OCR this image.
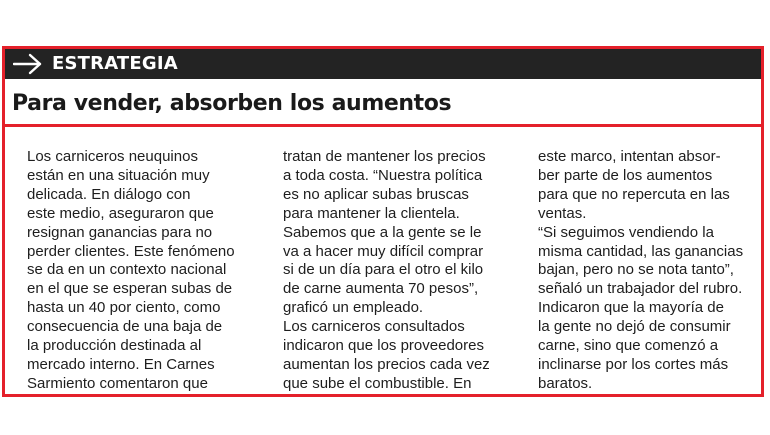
ESTRATEGIA
Para vender, absorben los aumentos
Los carniceros neuquinos
están en una situación muy
delicada. En diálogo con
este medio, aseguraron que
resignan ganancias para no
perder clientes. Este fenómeno
se da en un contexto nacional
en el que se esperan subas de
hasta un 40 por ciento, como
consecuencia de una baja de
la producción destinada al
mercado interno. En Carnes
Sarmiento comentaron que
tratan de mantener los precios
a toda costa. “Nuestra política
es no aplicar subas bruscas
para mantener la clientela.
Sabemos que a la gente se le
va a hacer muy difícil comprar
si de un día para el otro el kilo
de carne aumenta 70 pesos”,
graficó un empleado.
Los carniceros consultados
indicaron que los proveedores
aumentan los precios cada vez
que sube el combustible. En
este marco, intentan absor-
ber parte de los aumentos
para que no repercuta en las
ventas.
“Si seguimos vendiendo la
misma cantidad, las ganancias
bajan, pero no se nota tanto”,
señaló un trabajador del rubro.
Indicaron que la mayoría de
la gente no dejó de consumir
carne, sino que comenzó a
inclinarse por los cortes más
baratos.
